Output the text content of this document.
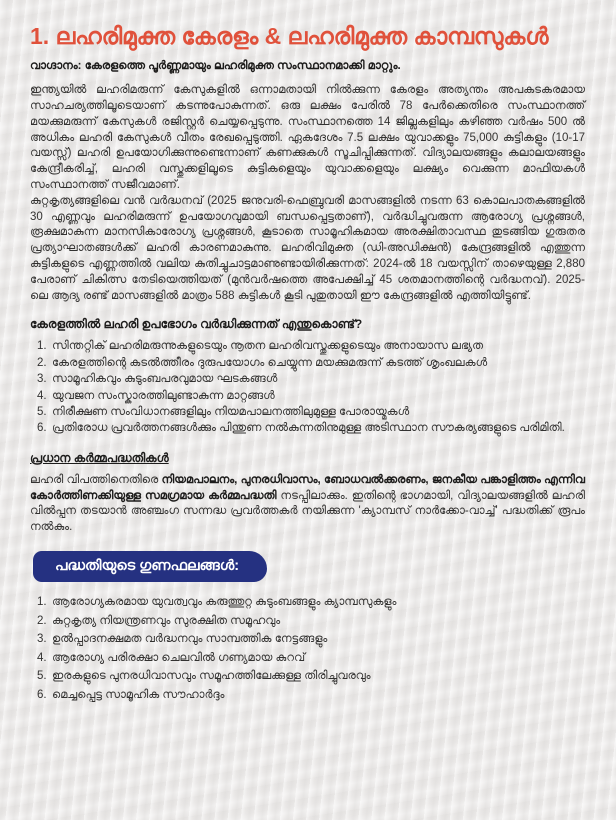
1. ലഹരിമുക്ത കേരളം & ലഹരിമുക്ത കാമ്പസുകൾ

വാഗ്ദാനം: കേരളത്തെ പൂർണ്ണമായും ലഹരിമുക്ത സംസ്ഥാനമാക്കി മാറ്റും.

ഇന്ത്യയിൽ ലഹരിമരുന്ന് കേസുകളിൽ ഒന്നാമതായി നിൽക്കുന്ന കേരളം അത്യന്തം അപകടകരമായ സാഹചര്യത്തിലൂടെയാണ് കടന്നുപോകുന്നത്. ഒരു ലക്ഷം പേരിൽ 78 പേർക്കെതിരെ സംസ്ഥാനത്ത് മയക്കുമരുന്ന് കേസുകൾ രജിസ്റ്റർ ചെയ്യപ്പെടുന്നു. സംസ്ഥാനത്തെ 14 ജില്ലകളിലും കഴിഞ്ഞ വർഷം 500 ൽ അധികം ലഹരി കേസുകൾ വീതം രേഖപ്പെടുത്തി. ഏകദേശം 7.5 ലക്ഷം യുവാക്കളും 75,000 കുട്ടികളും (10-17 വയസ്സ്) ലഹരി ഉപയോഗിക്കുന്നുണ്ടെന്നാണ് കണക്കുകൾ സൂചിപ്പിക്കുന്നത്. വിദ്യാലയങ്ങളും കലാലയങ്ങളും കേന്ദ്രീകരിച്ച്, ലഹരി വസ്തുക്കളിലൂടെ കുട്ടികളെയും യുവാക്കളെയും ലക്ഷ്യം വെക്കുന്ന മാഫിയകൾ സംസ്ഥാനത്ത് സജീവമാണ്.

കുറ്റകൃത്യങ്ങളിലെ വൻ വർദ്ധനവ് (2025 ജനുവരി-ഫെബ്രുവരി മാസങ്ങളിൽ നടന്ന 63 കൊലപാതകങ്ങളിൽ 30 എണ്ണവും ലഹരിമരുന്ന് ഉപയോഗവുമായി ബന്ധപ്പെട്ടതാണ്), വർദ്ധിച്ചുവരുന്ന ആരോഗ്യ പ്രശ്നങ്ങൾ, രൂക്ഷമാകുന്ന മാനസികാരോഗ്യ പ്രശ്നങ്ങൾ, കൂടാതെ സാമൂഹികമായ അരക്ഷിതാവസ്ഥ തുടങ്ങിയ ഗുരുതര പ്രത്യാഘാതങ്ങൾക്ക് ലഹരി കാരണമാകുന്നു. ലഹരിവിമുക്ത (ഡി-അഡിക്ഷൻ) കേന്ദ്രങ്ങളിൽ എത്തുന്ന കുട്ടികളുടെ എണ്ണത്തിൽ വലിയ കുതിച്ചുചാട്ടമാണുണ്ടായിരിക്കുന്നത്: 2024-ൽ 18 വയസ്സിന് താഴെയുള്ള 2,880 പേരാണ് ചികിത്സ തേടിയെത്തിയത് (മുൻവർഷത്തെ അപേക്ഷിച്ച് 45 ശതമാനത്തിന്റെ വർദ്ധനവ്). 2025-ലെ ആദ്യ രണ്ട് മാസങ്ങളിൽ മാത്രം 588 കുട്ടികൾ കൂടി പുതുതായി ഈ കേന്ദ്രങ്ങളിൽ എത്തിയിട്ടുണ്ട്.

കേരളത്തിൽ ലഹരി ഉപഭോഗം വർദ്ധിക്കുന്നത് എന്തുകൊണ്ട്?
1. സിന്തറ്റിക് ലഹരിമരുന്നുകളുടെയും നൂതന ലഹരിവസ്തുക്കളുടെയും അനായാസ ലഭ്യത
2. കേരളത്തിന്റെ കടൽത്തീരം ദുരുപയോഗം ചെയ്യുന്ന മയക്കുമരുന്ന് കടത്ത് ശൃംഖലകൾ
3. സാമൂഹികവും കുടുംബപരവുമായ ഘടകങ്ങൾ
4. യുവജന സംസ്കാരത്തിലുണ്ടാകുന്ന മാറ്റങ്ങൾ
5. നിരീക്ഷണ സംവിധാനങ്ങളിലും നിയമപാലനത്തിലുമുള്ള പോരായ്മകൾ
6. പ്രതിരോധ പ്രവർത്തനങ്ങൾക്കും പിന്തുണ നൽകുന്നതിനുമുള്ള അടിസ്ഥാന സൗകര്യങ്ങളുടെ പരിമിതി.
പ്രധാന കർമ്മപദ്ധതികൾ

ലഹരി വിപത്തിനെതിരെ നിയമപാലനം, പുനരധിവാസം, ബോധവൽക്കരണം, ജനകീയ പങ്കാളിത്തം എന്നിവ കോർത്തിണക്കിയുള്ള സമഗ്രമായ കർമ്മപദ്ധതി നടപ്പിലാക്കും. ഇതിന്റെ ഭാഗമായി, വിദ്യാലയങ്ങളിൽ ലഹരി വിൽപ്പന തടയാൻ അഞ്ചംഗ സന്നദ്ധ പ്രവർത്തകർ നയിക്കുന്ന 'ക്യാമ്പസ് നാർക്കോ-വാച്ച്' പദ്ധതിക്ക് രൂപം നൽകും.

പദ്ധതിയുടെ ഗുണഫലങ്ങൾ:
1. ആരോഗ്യകരമായ യുവത്വവും കരുത്തുറ്റ കുടുംബങ്ങളും ക്യാമ്പസുകളും
2. കുറ്റകൃത്യ നിയന്ത്രണവും സുരക്ഷിത സമൂഹവും
3. ഉൽപ്പാദനക്ഷമത വർദ്ധനവും സാമ്പത്തിക നേട്ടങ്ങളും
4. ആരോഗ്യ പരിരക്ഷാ ചെലവിൽ ഗണ്യമായ കുറവ്
5. ഇരകളുടെ പുനരധിവാസവും സമൂഹത്തിലേക്കുള്ള തിരിച്ചുവരവും
6. മെച്ചപ്പെട്ട സാമൂഹിക സൗഹാർദ്ദം
